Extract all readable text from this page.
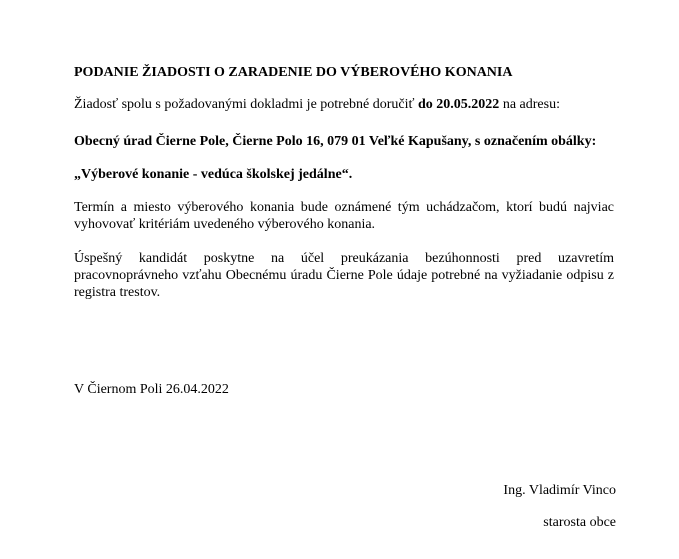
PODANIE ŽIADOSTI O ZARADENIE DO VÝBEROVÉHO KONANIA

Žiadosť spolu s požadovanými dokladmi je potrebné doručiť do 20.05.2022 na adresu:

Obecný úrad Čierne Pole, Čierne Polo 16, 079 01 Veľké Kapušany, s označením obálky:

„Výberové konanie - vedúca školskej jedálne“.

Termín a miesto výberového konania bude oznámené tým uchádzačom, ktorí budú najviac vyhovovať kritériám uvedeného výberového konania.

Úspešný kandidát poskytne na účel preukázania bezúhonnosti pred uzavretím pracovnoprávneho vzťahu Obecnému úradu Čierne Pole údaje potrebné na vyžiadanie odpisu z registra trestov.

V Čiernom Poli 26.04.2022

Ing. Vladimír Vinco

starosta obce
